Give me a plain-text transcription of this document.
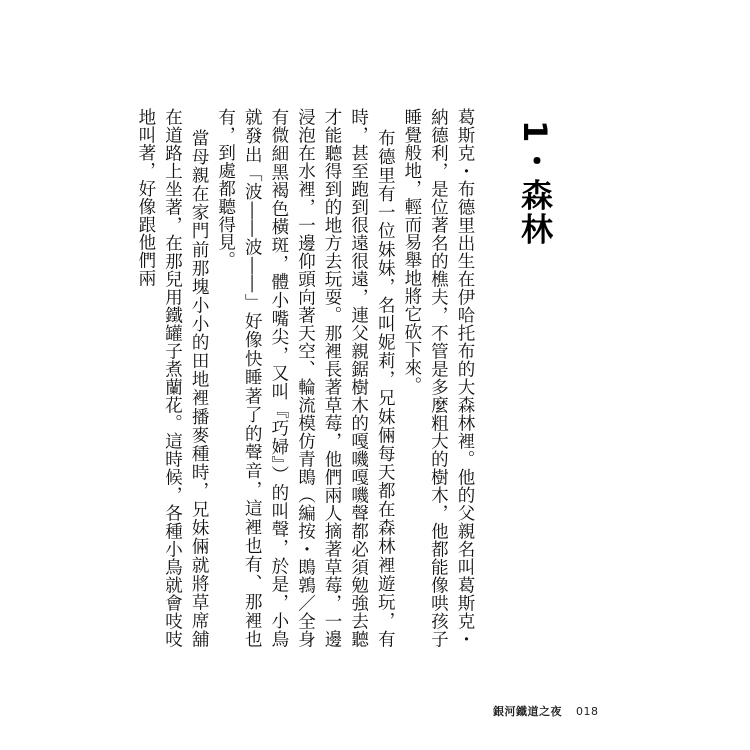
1・森林

葛斯克・布德里出生在伊哈托布的大森林裡。他的父親名叫葛斯克・納德利，是位著名的樵夫，不管是多麼粗大的樹木，他都能像哄孩子睡覺般地，輕而易舉地將它砍下來。

布德里有一位妹妹，名叫妮莉，兄妹倆每天都在森林裡遊玩，有時，甚至跑到很遠很遠，連父親鋸樹木的嘎嘰嘎嘰聲都必須勉強去聽才能聽得到的地方去玩耍。那裡長著草莓，他們兩人摘著草莓，一邊浸泡在水裡，一邊仰頭向著天空、輪流模仿青鵖（編按・鵖鶉／全身有微細黑褐色橫斑，體小嘴尖，又叫『巧婦』）的叫聲，於是，小鳥就發出「波――波――」好像快睡著了的聲音，這裡也有、那裡也有，到處都聽得見。

當母親在家門前那塊小小的田地裡播麥種時，兄妹倆就將草席舖在道路上坐著，在那兒用鐵罐子煮蘭花。這時候，各種小鳥就會吱吱地叫著，好像跟他們兩

銀河鐵道之夜 018
